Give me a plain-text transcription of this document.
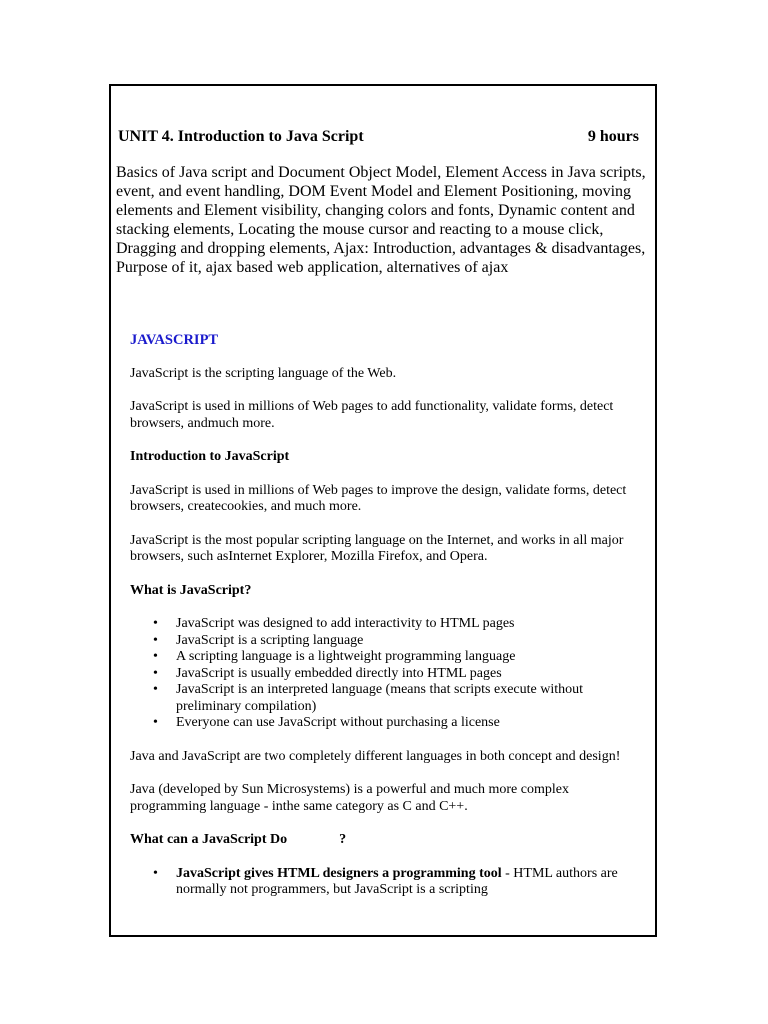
UNIT 4. Introduction to Java Script	9 hours
Basics of Java script and Document Object Model, Element Access in Java scripts, event, and event handling, DOM Event Model and Element Positioning, moving elements and Element visibility, changing colors and fonts, Dynamic content and stacking elements, Locating the mouse cursor and reacting to a mouse click, Dragging and dropping elements, Ajax: Introduction, advantages & disadvantages, Purpose of it, ajax based web application, alternatives of ajax
JAVASCRIPT

JavaScript is the scripting language of the Web.

JavaScript is used in millions of Web pages to add functionality, validate forms, detect browsers, andmuch more.

Introduction to JavaScript

JavaScript is used in millions of Web pages to improve the design, validate forms, detect browsers, createcookies, and much more.

JavaScript is the most popular scripting language on the Internet, and works in all major browsers, such asInternet Explorer, Mozilla Firefox, and Opera.

What is JavaScript?
• JavaScript was designed to add interactivity to HTML pages
• JavaScript is a scripting language
• A scripting language is a lightweight programming language
• JavaScript is usually embedded directly into HTML pages
• JavaScript is an interpreted language (means that scripts execute without preliminary compilation)
• Everyone can use JavaScript without purchasing a license

Java and JavaScript are two completely different languages in both concept and design!

Java (developed by Sun Microsystems) is a powerful and much more complex programming language - inthe same category as C and C++.

What can a JavaScript Do	?
• JavaScript gives HTML designers a programming tool - HTML authors are normally not programmers, but JavaScript is a scripting
